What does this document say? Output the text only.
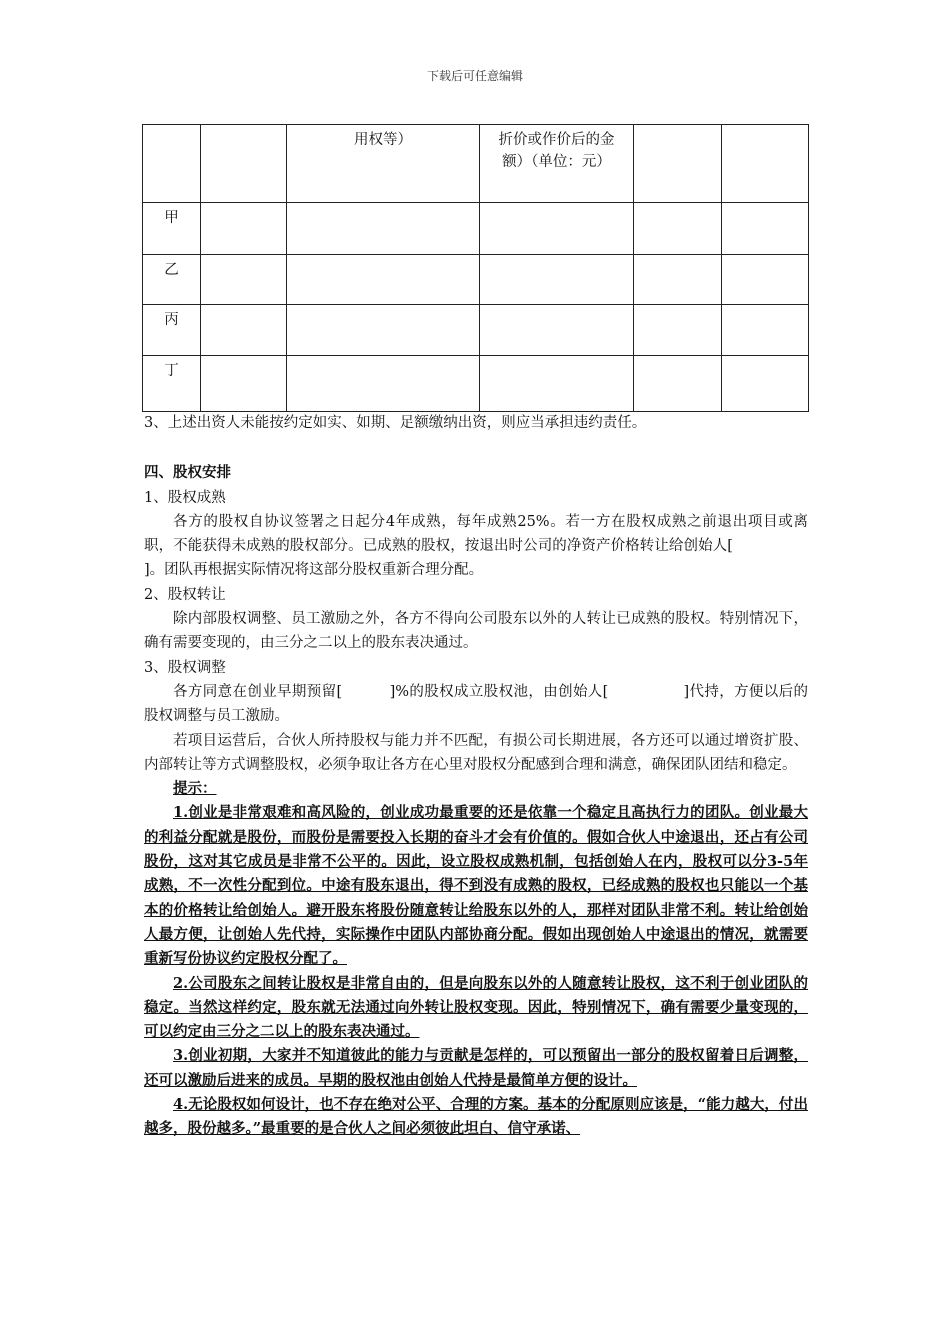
下载后可任意编辑
		用权等）	折价或作价后的金额）（单位：元）		
甲					
乙					
丙					
丁					

3、上述出资人未能按约定如实、如期、足额缴纳出资，则应当承担违约责任。

四、股权安排

1、股权成熟

各方的股权自协议签署之日起分4年成熟，每年成熟25%。若一方在股权成熟之前退出项目或离职，不能获得未成熟的股权部分。已成熟的股权，按退出时公司的净资产价格转让给创始人[          ]。团队再根据实际情况将这部分股权重新合理分配。

2、股权转让

除内部股权调整、员工激励之外，各方不得向公司股东以外的人转让已成熟的股权。特别情况下，确有需要变现的，由三分之二以上的股东表决通过。

3、股权调整

各方同意在创业早期预留[	]%的股权成立股权池，由创始人[	]代持，方便以后的股权调整与员工激励。

若项目运营后，合伙人所持股权与能力并不匹配，有损公司长期进展，各方还可以通过增资扩股、内部转让等方式调整股权，必须争取让各方在心里对股权分配感到合理和满意，确保团队团结和稳定。

提示：

1.创业是非常艰难和高风险的，创业成功最重要的还是依靠一个稳定且高执行力的团队。创业最大的利益分配就是股份，而股份是需要投入长期的奋斗才会有价值的。假如合伙人中途退出，还占有公司股份，这对其它成员是非常不公平的。因此，设立股权成熟机制，包括创始人在内，股权可以分3-5年成熟，不一次性分配到位。中途有股东退出，得不到没有成熟的股权，已经成熟的股权也只能以一个基本的价格转让给创始人。避开股东将股份随意转让给股东以外的人，那样对团队非常不利。转让给创始人最方便，让创始人先代持，实际操作中团队内部协商分配。假如出现创始人中途退出的情况，就需要重新写份协议约定股权分配了。

2.公司股东之间转让股权是非常自由的，但是向股东以外的人随意转让股权，这不利于创业团队的稳定。当然这样约定，股东就无法通过向外转让股权变现。因此，特别情况下，确有需要少量变现的，可以约定由三分之二以上的股东表决通过。

3.创业初期，大家并不知道彼此的能力与贡献是怎样的，可以预留出一部分的股权留着日后调整，还可以激励后进来的成员。早期的股权池由创始人代持是最简单方便的设计。

4.无论股权如何设计，也不存在绝对公平、合理的方案。基本的分配原则应该是，“能力越大，付出越多，股份越多。”最重要的是合伙人之间必须彼此坦白、信守承诺、
